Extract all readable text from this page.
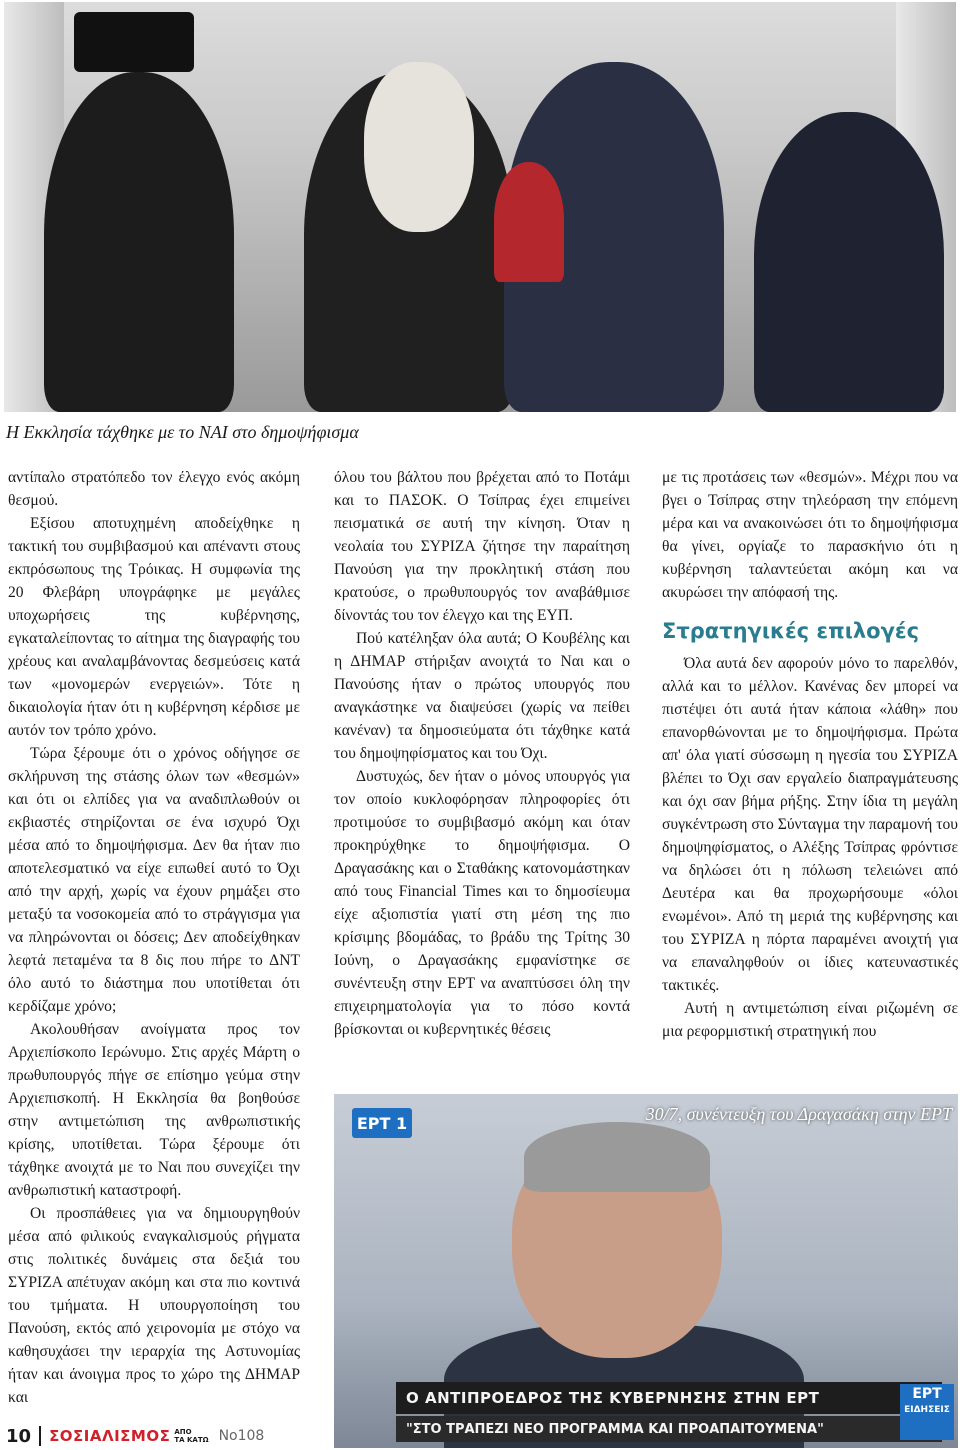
Η Εκκλησία τάχθηκε με το ΝΑΙ στο δημοψήφισμα

αντίπαλο στρατόπεδο τον έλεγχο ενός ακόμη θεσμού.

Εξίσου αποτυχημένη αποδείχθηκε η τακτική του συμβιβασμού και απέναντι στους εκπρόσωπους της Τρόικας. Η συμφωνία της 20 Φλεβάρη υπογράφηκε με μεγάλες υποχωρήσεις της κυβέρνησης, εγκαταλείποντας το αίτημα της διαγραφής του χρέους και αναλαμβάνοντας δεσμεύσεις κατά των «μονομερών ενεργειών». Τότε η δικαιολογία ήταν ότι η κυβέρνηση κέρδισε με αυτόν τον τρόπο χρόνο.

Τώρα ξέρουμε ότι ο χρόνος οδήγησε σε σκλήρυνση της στάσης όλων των «θεσμών» και ότι οι ελπίδες για να αναδιπλωθούν οι εκβιαστές στηρίζονται σε ένα ισχυρό Όχι μέσα από το δημοψήφισμα. Δεν θα ήταν πιο αποτελεσματικό να είχε ειπωθεί αυτό το Όχι από την αρχή, χωρίς να έχουν ρημάξει στο μεταξύ τα νοσοκομεία από το στράγγισμα για να πληρώνονται οι δόσεις; Δεν αποδείχθηκαν λεφτά πεταμένα τα 8 δις που πήρε το ΔΝΤ όλο αυτό το διάστημα που υποτίθεται ότι κερδίζαμε χρόνο;

Ακολουθήσαν ανοίγματα προς τον Αρχιεπίσκοπο Ιερώνυμο. Στις αρχές Μάρτη ο πρωθυπουργός πήγε σε επίσημο γεύμα στην Αρχιεπισκοπή. Η Εκκλησία θα βοηθούσε στην αντιμετώπιση της ανθρωπιστικής κρίσης, υποτίθεται. Τώρα ξέρουμε ότι τάχθηκε ανοιχτά με το Ναι που συνεχίζει την ανθρωπιστική καταστροφή.

Οι προσπάθειες για να δημιουργηθούν μέσα από φιλικούς εναγκαλισμούς ρήγματα στις πολιτικές δυνάμεις στα δεξιά του ΣΥΡΙΖΑ απέτυχαν ακόμη και στα πιο κοντινά του τμήματα. Η υπουργοποίηση του Πανούση, εκτός από χειρονομία με στόχο να καθησυχάσει την ιεραρχία της Αστυνομίας ήταν και άνοιγμα προς το χώρο της ΔΗΜΑΡ και

όλου του βάλτου που βρέχεται από το Ποτάμι και το ΠΑΣΟΚ. Ο Τσίπρας έχει επιμείνει πεισματικά σε αυτή την κίνηση. Όταν η νεολαία του ΣΥΡΙΖΑ ζήτησε την παραίτηση Πανούση για την προκλητική στάση που κρατούσε, ο πρωθυπουργός τον αναβάθμισε δίνοντάς του τον έλεγχο και της ΕΥΠ.

Πού κατέληξαν όλα αυτά; Ο Κουβέλης και η ΔΗΜΑΡ στήριξαν ανοιχτά το Ναι και ο Πανούσης ήταν ο πρώτος υπουργός που αναγκάστηκε να διαψεύσει (χωρίς να πείθει κανέναν) τα δημοσιεύματα ότι τάχθηκε κατά του δημοψηφίσματος και του Όχι.

Δυστυχώς, δεν ήταν ο μόνος υπουργός για τον οποίο κυκλοφόρησαν πληροφορίες ότι προτιμούσε το συμβιβασμό ακόμη και όταν προκηρύχθηκε το δημοψήφισμα. Ο Δραγασάκης και ο Σταθάκης κατονομάστηκαν από τους Financial Times και το δημοσίευμα είχε αξιοπιστία γιατί στη μέση της πιο κρίσιμης βδομάδας, το βράδυ της Τρίτης 30 Ιούνη, ο Δραγασάκης εμφανίστηκε σε συνέντευξη στην ΕΡΤ να αναπτύσσει όλη την επιχειρηματολογία για το πόσο κοντά βρίσκονται οι κυβερνητικές θέσεις

με τις προτάσεις των «θεσμών». Μέχρι που να βγει ο Τσίπρας στην τηλεόραση την επόμενη μέρα και να ανακοινώσει ότι το δημοψήφισμα θα γίνει, οργίαζε το παρασκήνιο ότι η κυβέρνηση ταλαντεύεται ακόμη και να ακυρώσει την απόφασή της.

Στρατηγικές επιλογές

Όλα αυτά δεν αφορούν μόνο το παρελθόν, αλλά και το μέλλον. Κανένας δεν μπορεί να πιστέψει ότι αυτά ήταν κάποια «λάθη» που επανορθώνονται με το δημοψήφισμα. Πρώτα απ' όλα γιατί σύσσωμη η ηγεσία του ΣΥΡΙΖΑ βλέπει το Όχι σαν εργαλείο διαπραγμάτευσης και όχι σαν βήμα ρήξης. Στην ίδια τη μεγάλη συγκέντρωση στο Σύνταγμα την παραμονή του δημοψηφίσματος, ο Αλέξης Τσίπρας φρόντισε να δηλώσει ότι η πόλωση τελειώνει από Δευτέρα και θα προχωρήσουμε «όλοι ενωμένοι». Από τη μεριά της κυβέρνησης και του ΣΥΡΙΖΑ η πόρτα παραμένει ανοιχτή για να επαναληφθούν οι ίδιες κατευναστικές τακτικές.

Αυτή η αντιμετώπιση είναι ριζωμένη σε μια ρεφορμιστική στρατηγική που

ΕΡΤ 1
Ο ΑΝΤΙΠΡΟΕΔΡΟΣ ΤΗΣ ΚΥΒΕΡΝΗΣΗΣ ΣΤΗΝ ΕΡΤ
"ΣΤΟ ΤΡΑΠΕΖΙ ΝΕΟ ΠΡΟΓΡΑΜΜΑ ΚΑΙ ΠΡΟΑΠΑΙΤΟΥΜΕΝΑ"
ΕΡΤ
ΕΙΔΗΣΕΙΣ
30/7, συνέντευξη του Δραγασάκη στην ΕΡΤ
10 ΣΟΣΙΑΛΙΣΜΟΣ ΑΠΟ
ΤΑ ΚΑΤΩ No108
